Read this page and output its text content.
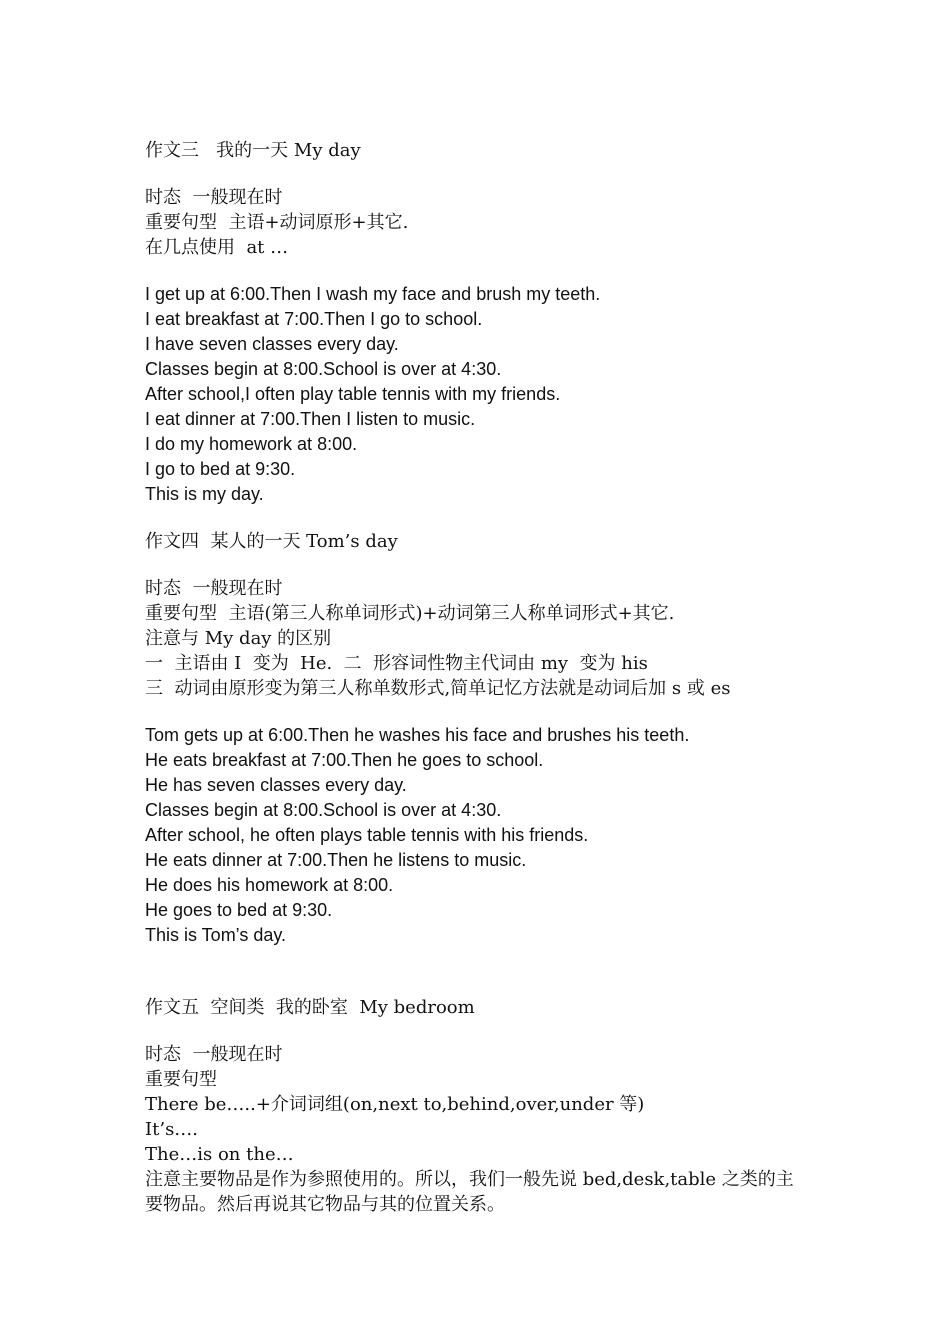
作文三   我的一天 My day
时态  一般现在时
重要句型  主语+动词原形+其它.
在几点使用  at …
I get up at 6:00.Then I wash my face and brush my teeth.
I eat breakfast at 7:00.Then I go to school.
I have seven classes every day.
Classes begin at 8:00.School is over at 4:30.
After school,I often play table tennis with my friends.
I eat dinner at 7:00.Then I listen to music.
I do my homework at 8:00.
I go to bed at 9:30.
This is my day.
作文四  某人的一天 Tom’s day
时态  一般现在时
重要句型  主语(第三人称单词形式)+动词第三人称单词形式+其它.
注意与 My day 的区别
一  主语由 I  变为  He.  二  形容词性物主代词由 my  变为 his
三  动词由原形变为第三人称单数形式,简单记忆方法就是动词后加 s 或 es
Tom gets up at 6:00.Then he washes his face and brushes his teeth.
He eats breakfast at 7:00.Then he goes to school.
He has seven classes every day.
Classes begin at 8:00.School is over at 4:30.
After school, he often plays table tennis with his friends.
He eats dinner at 7:00.Then he listens to music.
He does his homework at 8:00.
He goes to bed at 9:30.
This is Tom’s day.
作文五  空间类  我的卧室  My bedroom
时态  一般现在时
重要句型
There be…..+介词词组(on,next to,behind,over,under 等)
It’s….
The…is on the…
注意主要物品是作为参照使用的。所以，我们一般先说 bed,desk,table 之类的主要物品。然后再说其它物品与其的位置关系。
